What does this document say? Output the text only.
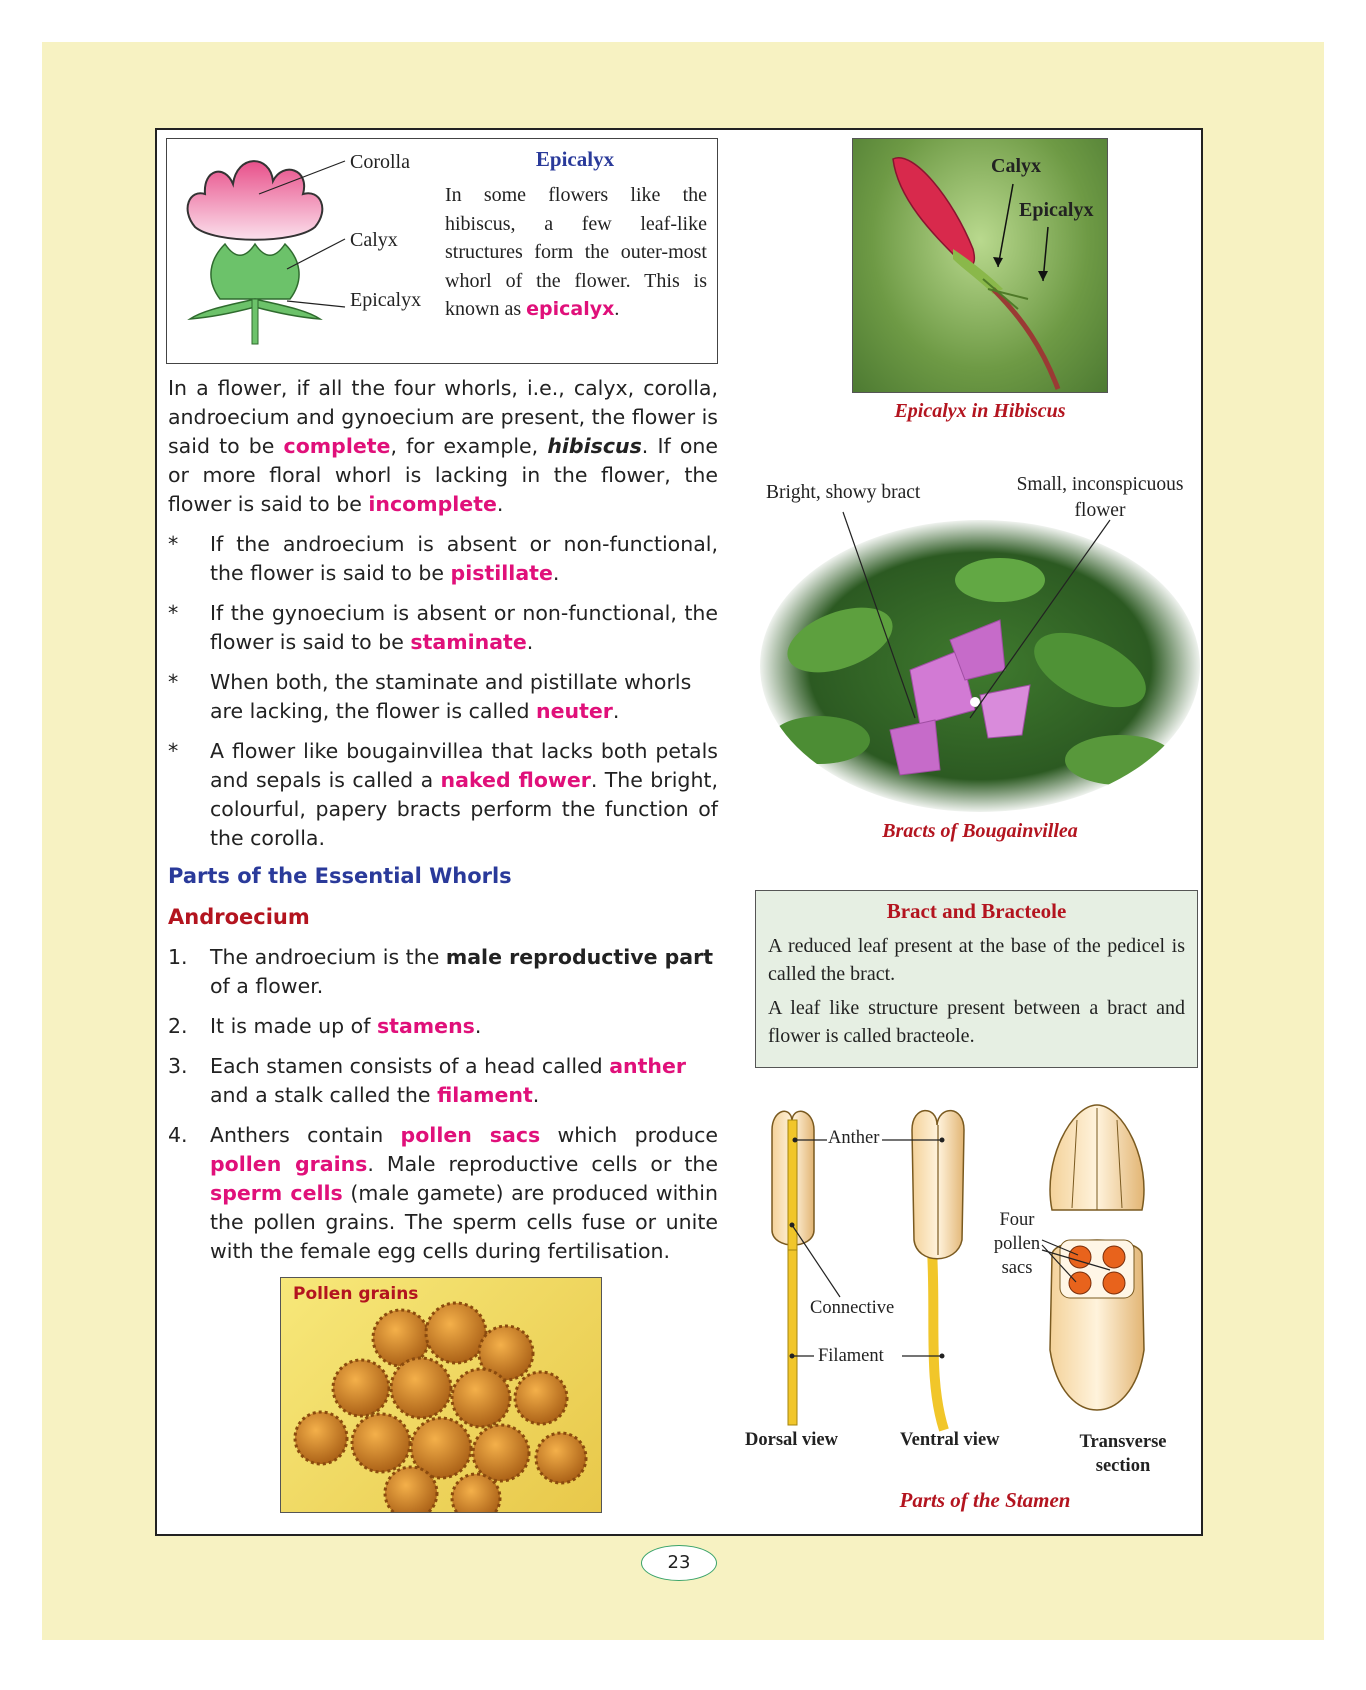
Corolla
Calyx
Epicalyx
Epicalyx
In some flowers like the hibiscus, a few leaf-like structures form the outer-most whorl of the flower. This is known as epicalyx.
In a flower, if all the four whorls, i.e., calyx, corolla, androecium and gynoecium are present, the flower is said to be complete, for example, hibiscus. If one or more floral whorl is lacking in the flower, the flower is said to be incomplete.
*	If the androecium is absent or non-functional, the flower is said to be pistillate.
*	If the gynoecium is absent or non-functional, the flower is said to be staminate.
*	When both, the staminate and pistillate whorls are lacking, the flower is called neuter.
*	A flower like bougainvillea that lacks both petals and sepals is called a naked flower. The bright, colourful, papery bracts perform the function of the corolla.
Parts of the Essential Whorls
Androecium
1.	The androecium is the male reproductive part of a flower.
2.	It is made up of stamens.
3.	Each stamen consists of a head called anther and a stalk called the filament.
4.	Anthers contain pollen sacs which produce pollen grains. Male reproductive cells or the sperm cells (male gamete) are produced within the pollen grains. The sperm cells fuse or unite with the female egg cells during fertilisation.
Pollen grains
Calyx
Epicalyx
Epicalyx in Hibiscus
Bright, showy bract	Small, inconspicuous flower
Bracts of Bougainvillea
Bract and Bracteole
A reduced leaf present at the base of the pedicel is called the bract.
A leaf like structure present between a bract and flower is called bracteole.
Anther
Connective
Filament
Four pollen sacs
Dorsal view	Ventral view	Transverse section
Parts of the Stamen
23
